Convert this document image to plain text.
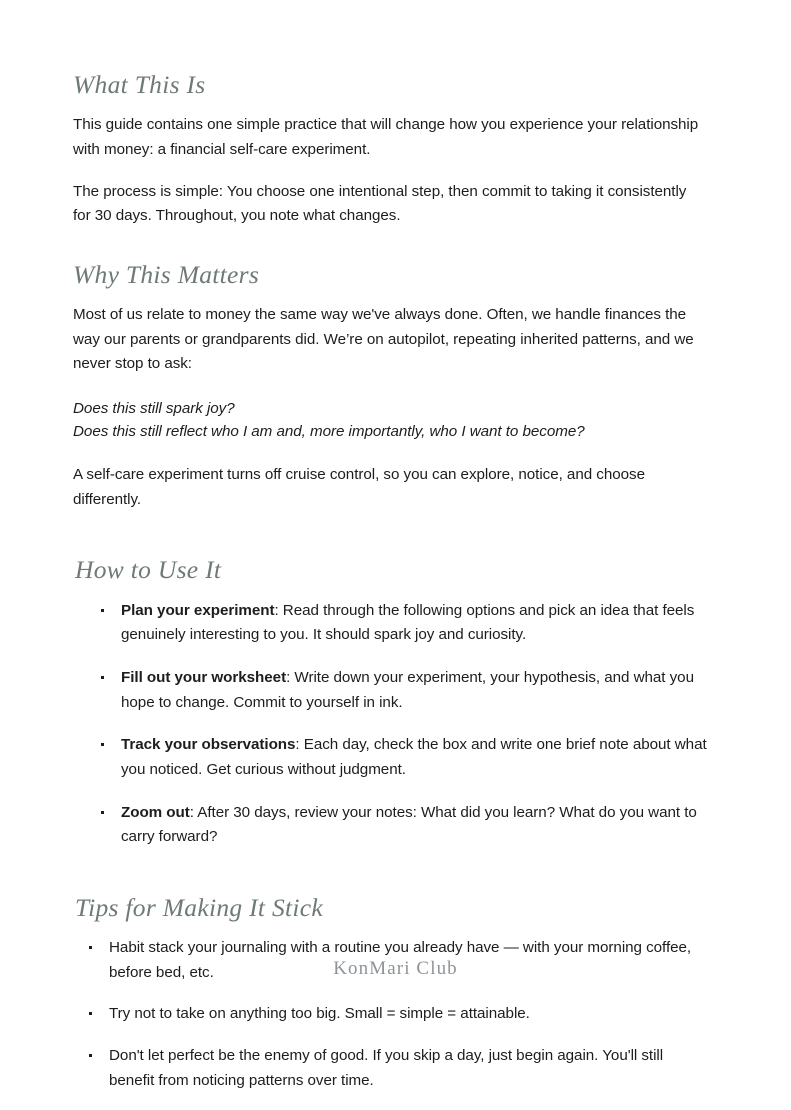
What This Is

This guide contains one simple practice that will change how you experience your relationship with money: a financial self-care experiment.

The process is simple: You choose one intentional step, then commit to taking it consistently for 30 days. Throughout, you note what changes.

Why This Matters

Most of us relate to money the same way we've always done. Often, we handle finances the way our parents or grandparents did. We’re on autopilot, repeating inherited patterns, and we never stop to ask:

Does this still spark joy?

Does this still reflect who I am and, more importantly, who I want to become?

A self-care experiment turns off cruise control, so you can explore, notice, and choose differently.

How to Use It
Plan your experiment: Read through the following options and pick an idea that feels genuinely interesting to you. It should spark joy and curiosity.
Fill out your worksheet: Write down your experiment, your hypothesis, and what you hope to change. Commit to yourself in ink.
Track your observations: Each day, check the box and write one brief note about what you noticed. Get curious without judgment.
Zoom out: After 30 days, review your notes: What did you learn? What do you want to carry forward?
Tips for Making It Stick
Habit stack your journaling with a routine you already have — with your morning coffee, before bed, etc.
Try not to take on anything too big. Small = simple = attainable.
Don't let perfect be the enemy of good. If you skip a day, just begin again. You'll still benefit from noticing patterns over time.
KonMari Club
